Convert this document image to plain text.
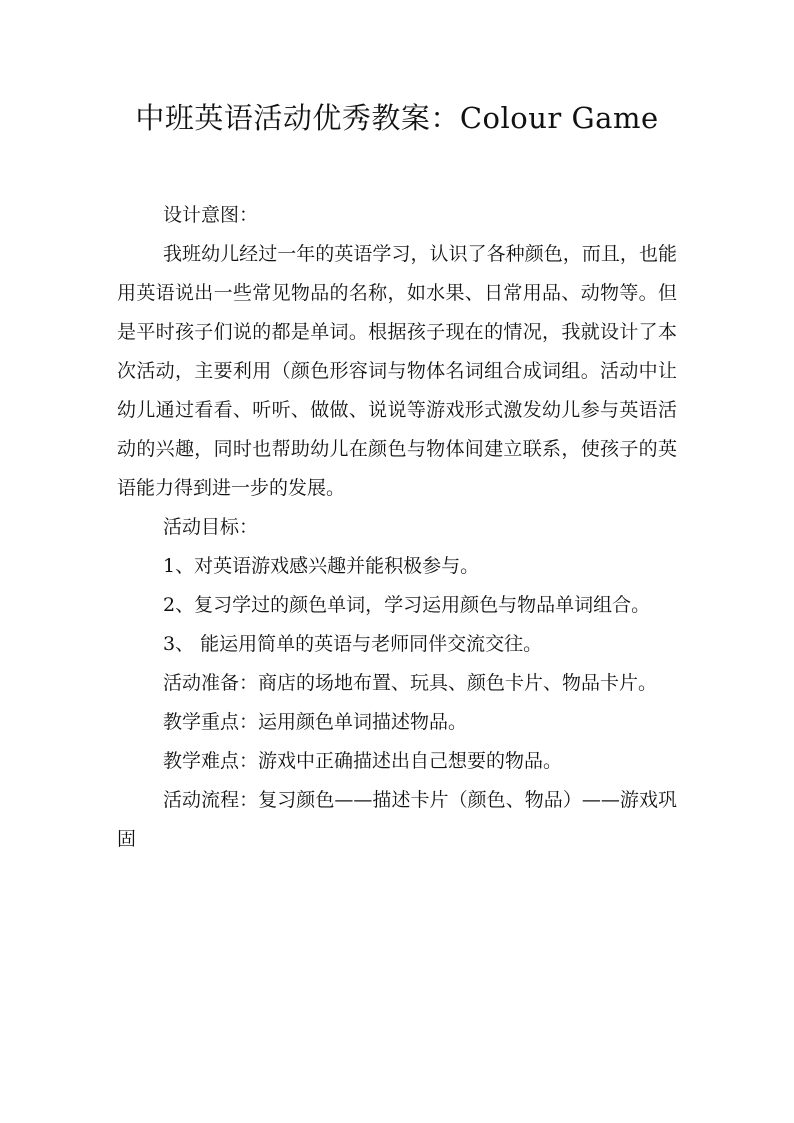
中班英语活动优秀教案：Colour Game

设计意图：

我班幼儿经过一年的英语学习，认识了各种颜色，而且，也能用英语说出一些常见物品的名称，如水果、日常用品、动物等。但是平时孩子们说的都是单词。根据孩子现在的情况，我就设计了本次活动，主要利用（颜色形容词与物体名词组合成词组。活动中让幼儿通过看看、听听、做做、说说等游戏形式激发幼儿参与英语活动的兴趣，同时也帮助幼儿在颜色与物体间建立联系，使孩子的英语能力得到进一步的发展。

活动目标：

1、对英语游戏感兴趣并能积极参与。

2、复习学过的颜色单词，学习运用颜色与物品单词组合。

3、 能运用简单的英语与老师同伴交流交往。

活动准备：商店的场地布置、玩具、颜色卡片、物品卡片。

教学重点：运用颜色单词描述物品。

教学难点：游戏中正确描述出自己想要的物品。

活动流程：复习颜色——描述卡片（颜色、物品）——游戏巩固
